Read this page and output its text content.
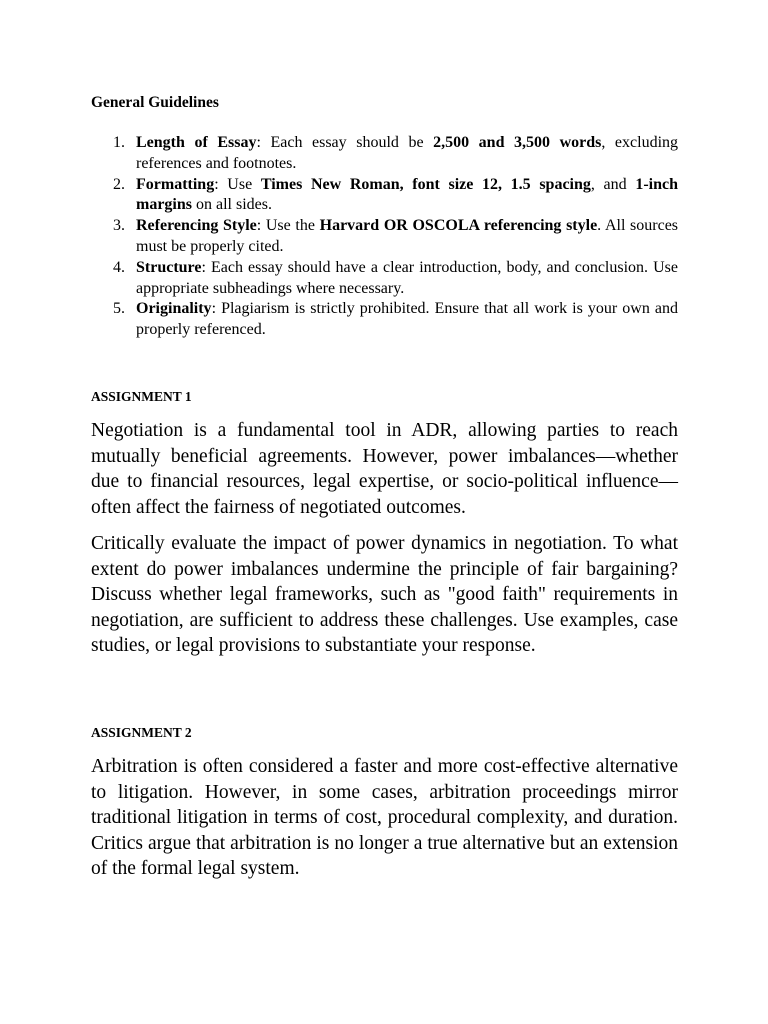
General Guidelines

1. Length of Essay: Each essay should be 2,500 and 3,500 words, excluding references and footnotes.
2. Formatting: Use Times New Roman, font size 12, 1.5 spacing, and 1-inch margins on all sides.
3. Referencing Style: Use the Harvard OR OSCOLA referencing style. All sources must be properly cited.
4. Structure: Each essay should have a clear introduction, body, and conclusion. Use appropriate subheadings where necessary.
5. Originality: Plagiarism is strictly prohibited. Ensure that all work is your own and properly referenced.

ASSIGNMENT 1

Negotiation is a fundamental tool in ADR, allowing parties to reach mutually beneficial agreements. However, power imbalances—whether due to financial resources, legal expertise, or socio-political influence—often affect the fairness of negotiated outcomes.

Critically evaluate the impact of power dynamics in negotiation. To what extent do power imbalances undermine the principle of fair bargaining? Discuss whether legal frameworks, such as "good faith" requirements in negotiation, are sufficient to address these challenges. Use examples, case studies, or legal provisions to substantiate your response.

ASSIGNMENT 2

Arbitration is often considered a faster and more cost-effective alternative to litigation. However, in some cases, arbitration proceedings mirror traditional litigation in terms of cost, procedural complexity, and duration. Critics argue that arbitration is no longer a true alternative but an extension of the formal legal system.
